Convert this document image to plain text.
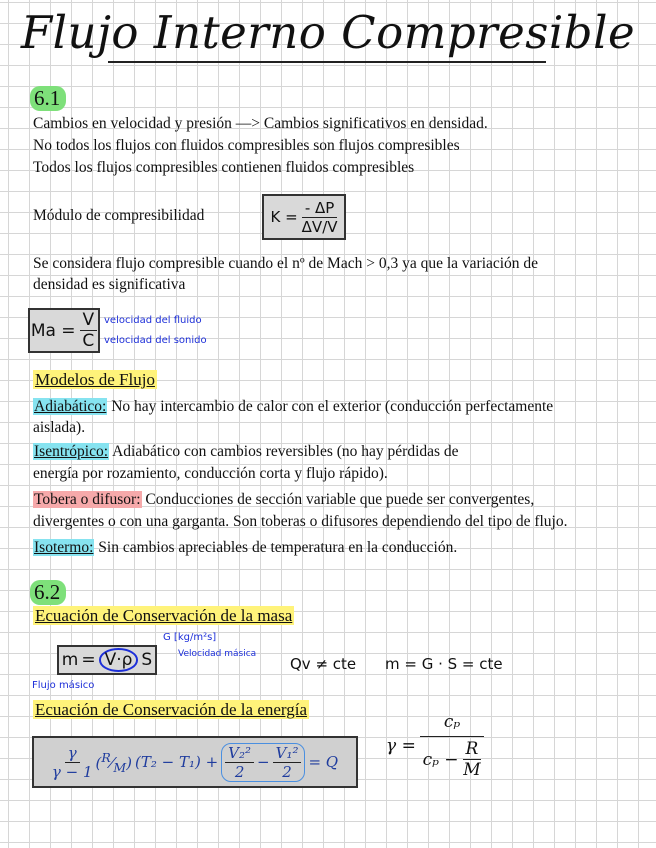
Flujo Interno Compresible
6.1
Cambios en velocidad y presión —> Cambios significativos en densidad.
No todos los flujos con fluidos compresibles son flujos compresibles
Todos los flujos compresibles contienen fluidos compresibles
Módulo de compresibilidad	$K = \frac{- \Delta P}{\Delta V/V}$
Se considera flujo compresible cuando el nº de Mach > 0,3 ya que la variación de
densidad es significativa
$Ma = \frac{V}{C}$ velocidad del fluido
velocidad del sonido
Modelos de Flujo
Adiabático: No hay intercambio de calor con el exterior (conducción perfectamente
aislada).
Isentrópico: Adiabático con cambios reversibles (no hay pérdidas de
energía por rozamiento, conducción corta y flujo rápido).
Tobera o difusor: Conducciones de sección variable que puede ser convergentes,
divergentes o con una garganta. Son toberas o difusores dependiendo del tipo de flujo.
Isotermo: Sin cambios apreciables de temperatura en la conducción.
6.2
Ecuación de Conservación de la masa
m = V·ρ S
G [kg/m²s]
Velocidad másica
Flujo másico
Qv ≠ cte m = G · S = cte
Ecuación de Conservación de la energía
$\frac{\gamma}{\gamma - 1}$ $(^R⁄_M) (T_2 - T_1) + \frac{\text{V₂²}}{2} - \frac{\text{V₁²}}{2} = Q$
$\gamma = \frac{\text{cₚ}}{c_p - \frac{R}{M}}$
